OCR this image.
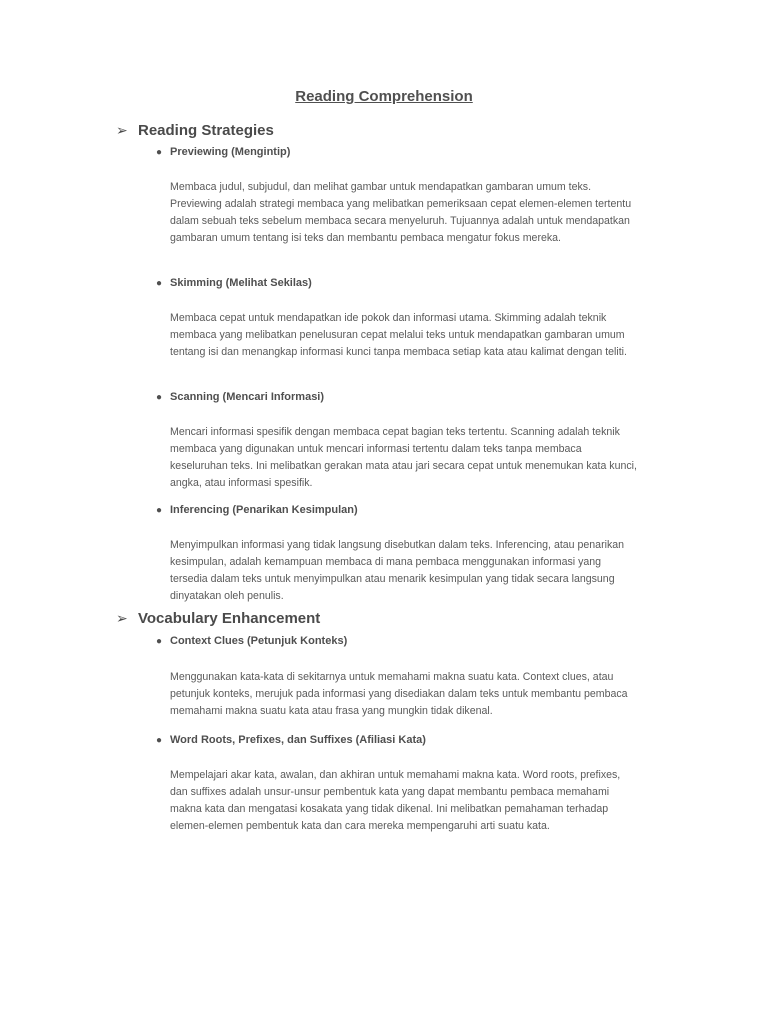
Reading Comprehension
➢ Reading Strategies
● Previewing (Mengintip)

Membaca judul, subjudul, dan melihat gambar untuk mendapatkan gambaran umum teks. Previewing adalah strategi membaca yang melibatkan pemeriksaan cepat elemen-elemen tertentu dalam sebuah teks sebelum membaca secara menyeluruh. Tujuannya adalah untuk mendapatkan gambaran umum tentang isi teks dan membantu pembaca mengatur fokus mereka.

● Skimming (Melihat Sekilas)

Membaca cepat untuk mendapatkan ide pokok dan informasi utama. Skimming adalah teknik membaca yang melibatkan penelusuran cepat melalui teks untuk mendapatkan gambaran umum tentang isi dan menangkap informasi kunci tanpa membaca setiap kata atau kalimat dengan teliti.

● Scanning (Mencari Informasi)

Mencari informasi spesifik dengan membaca cepat bagian teks tertentu. Scanning adalah teknik membaca yang digunakan untuk mencari informasi tertentu dalam teks tanpa membaca keseluruhan teks. Ini melibatkan gerakan mata atau jari secara cepat untuk menemukan kata kunci, angka, atau informasi spesifik.

● Inferencing (Penarikan Kesimpulan)

Menyimpulkan informasi yang tidak langsung disebutkan dalam teks. Inferencing, atau penarikan kesimpulan, adalah kemampuan membaca di mana pembaca menggunakan informasi yang tersedia dalam teks untuk menyimpulkan atau menarik kesimpulan yang tidak secara langsung dinyatakan oleh penulis.

➢ Vocabulary Enhancement
● Context Clues (Petunjuk Konteks)

Menggunakan kata-kata di sekitarnya untuk memahami makna suatu kata. Context clues, atau petunjuk konteks, merujuk pada informasi yang disediakan dalam teks untuk membantu pembaca memahami makna suatu kata atau frasa yang mungkin tidak dikenal.

● Word Roots, Prefixes, dan Suffixes (Afiliasi Kata)

Mempelajari akar kata, awalan, dan akhiran untuk memahami makna kata. Word roots, prefixes, dan suffixes adalah unsur-unsur pembentuk kata yang dapat membantu pembaca memahami makna kata dan mengatasi kosakata yang tidak dikenal. Ini melibatkan pemahaman terhadap elemen-elemen pembentuk kata dan cara mereka mempengaruhi arti suatu kata.
